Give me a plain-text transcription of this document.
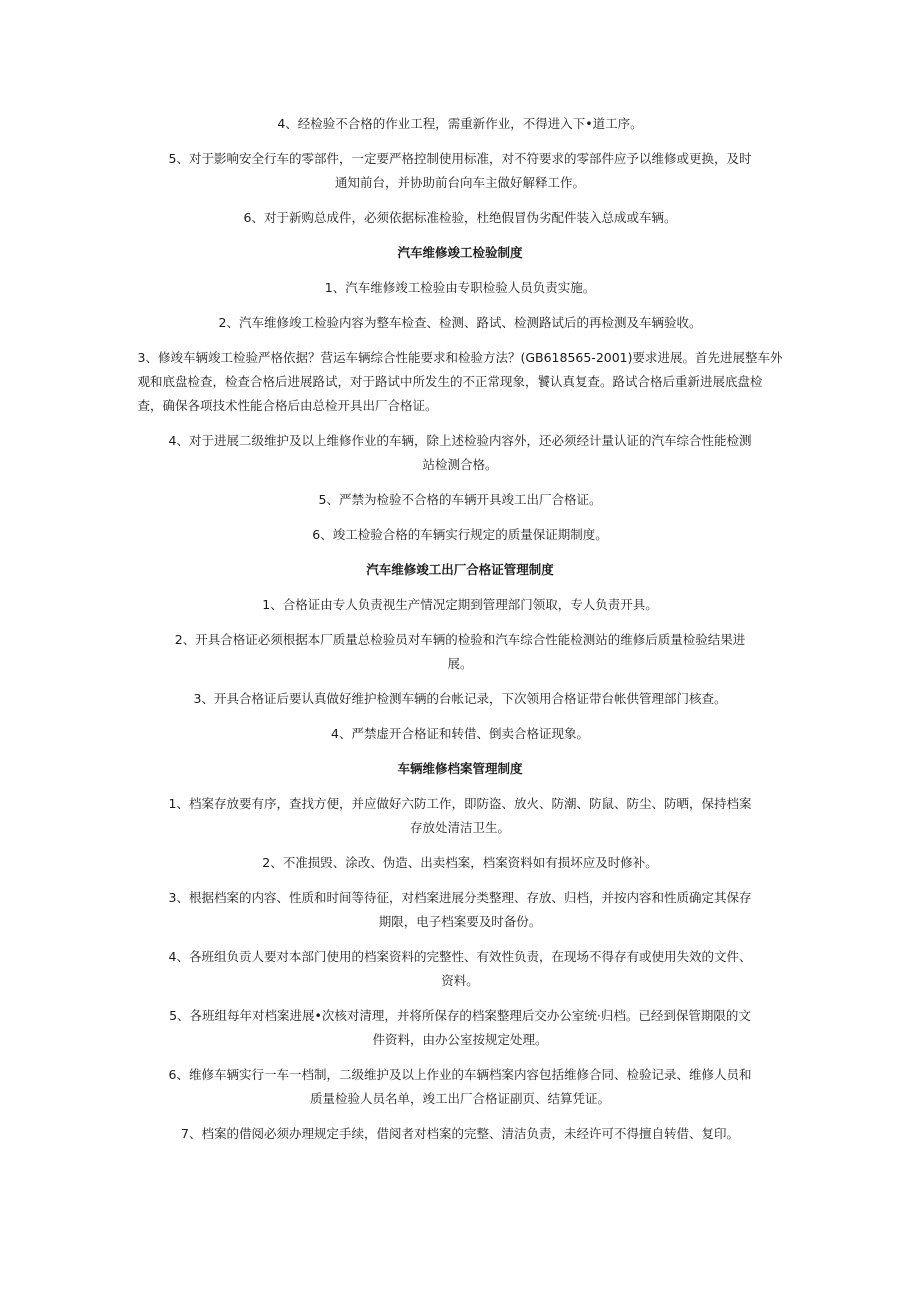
4、经检验不合格的作业工程，需重新作业，不得进入下•道工序。

5、对于影响安全行车的零部件，一定要严格控制使用标准，对不符要求的零部件应予以维修或更换，及时通知前台，并协助前台向车主做好解释工作。

6、对于新购总成件，必须依据标准检验，杜绝假冒伪劣配件装入总成或车辆。

汽车维修竣工检验制度

1、汽车维修竣工检验由专职检验人员负责实施。

2、汽车维修竣工检验内容为整车检查、检测、路试、检测路试后的再检测及车辆验收。

3、修竣车辆竣工检验严格依据？营运车辆综合性能要求和检验方法？(GB618565-2001)要求进展。首先进展整车外观和底盘检查，检查合格后进展路试，对于路试中所发生的不正常现象，饕认真复查。路试合格后重新进展底盘检查，确保各项技术性能合格后由总检开具出厂合格证。

4、对于进展二级维护及以上维修作业的车辆，除上述检验内容外，还必须经计量认证的汽车综合性能检测站检测合格。

5、严禁为检验不合格的车辆开具竣工出厂合格证。

6、竣工检验合格的车辆实行规定的质量保证期制度。

汽车维修竣工出厂合格证管理制度

1、合格证由专人负责视生产情况定期到管理部门领取，专人负责开具。

2、开具合格证必须根据本厂质量总检验员对车辆的检验和汽车综合性能检测站的维修后质量检验结果进展。

3、开具合格证后要认真做好维护检测车辆的台帐记录，下次领用合格证带台帐供管理部门核查。

4、严禁虚开合格证和转借、倒卖合格证现象。

车辆维修档案管理制度

1、档案存放要有序，查找方便，并应做好六防工作，即防盗、放火、防潮、防鼠、防尘、防晒，保持档案存放处清洁卫生。

2、不准损毁、涂改、伪造、出卖档案，档案资料如有损坏应及时修补。

3、根据档案的内容、性质和时间等待征，对档案进展分类整理、存放、归档，并按内容和性质确定其保存期限，电子档案要及时备份。

4、各班组负贡人要对本部门使用的档案资料的完整性、有效性负责，在现场不得存有或使用失效的文件、资料。

5、各班组每年对档案进展•次核对清理，并将所保存的档案整理后交办公室统·归档。已经到保管期限的文件资料，由办公室按规定处理。

6、维修车辆实行一车一档制，二级维护及以上作业的车辆档案内容包括维修合同、检验记录、维修人员和质量检验人员名单，竣工出厂合格证副页、结算凭证。

7、档案的借阅必须办理规定手续，借阅者对档案的完整、清洁负责，未经许可不得擅自转借、复印。
